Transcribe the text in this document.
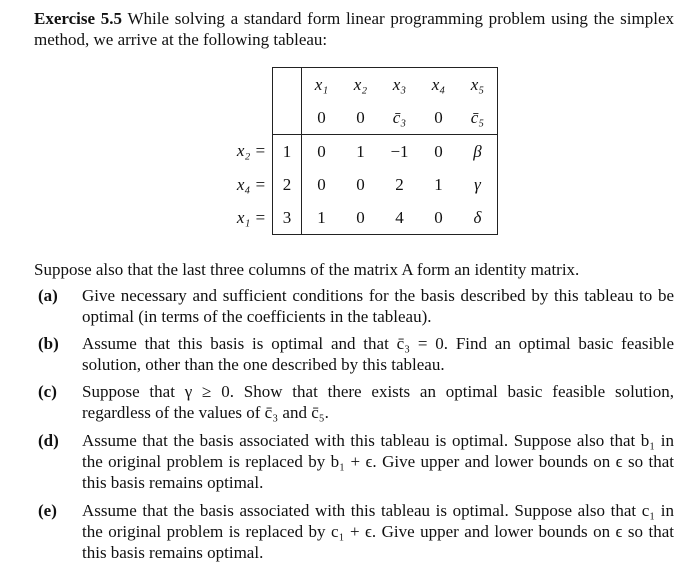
Exercise 5.5 While solving a standard form linear programming problem using the simplex method, we arrive at the following tableau:
		x₁	x₂	x₃	x₄	x₅
		0	0	c̄₃	0	c̄₅
x₂ =	1	0	1	−1	0	β
x₄ =	2	0	0	2	1	γ
x₁ =	3	1	0	4	0	δ
Suppose also that the last three columns of the matrix A form an identity matrix.
(a) Give necessary and sufficient conditions for the basis described by this tableau to be optimal (in terms of the coefficients in the tableau).
(b) Assume that this basis is optimal and that c̄₃ = 0. Find an optimal basic feasible solution, other than the one described by this tableau.
(c) Suppose that γ ≥ 0. Show that there exists an optimal basic feasible solution, regardless of the values of c̄₃ and c̄₅.
(d) Assume that the basis associated with this tableau is optimal. Suppose also that b₁ in the original problem is replaced by b₁ + ϵ. Give upper and lower bounds on ϵ so that this basis remains optimal.
(e) Assume that the basis associated with this tableau is optimal. Suppose also that c₁ in the original problem is replaced by c₁ + ϵ. Give upper and lower bounds on ϵ so that this basis remains optimal.
